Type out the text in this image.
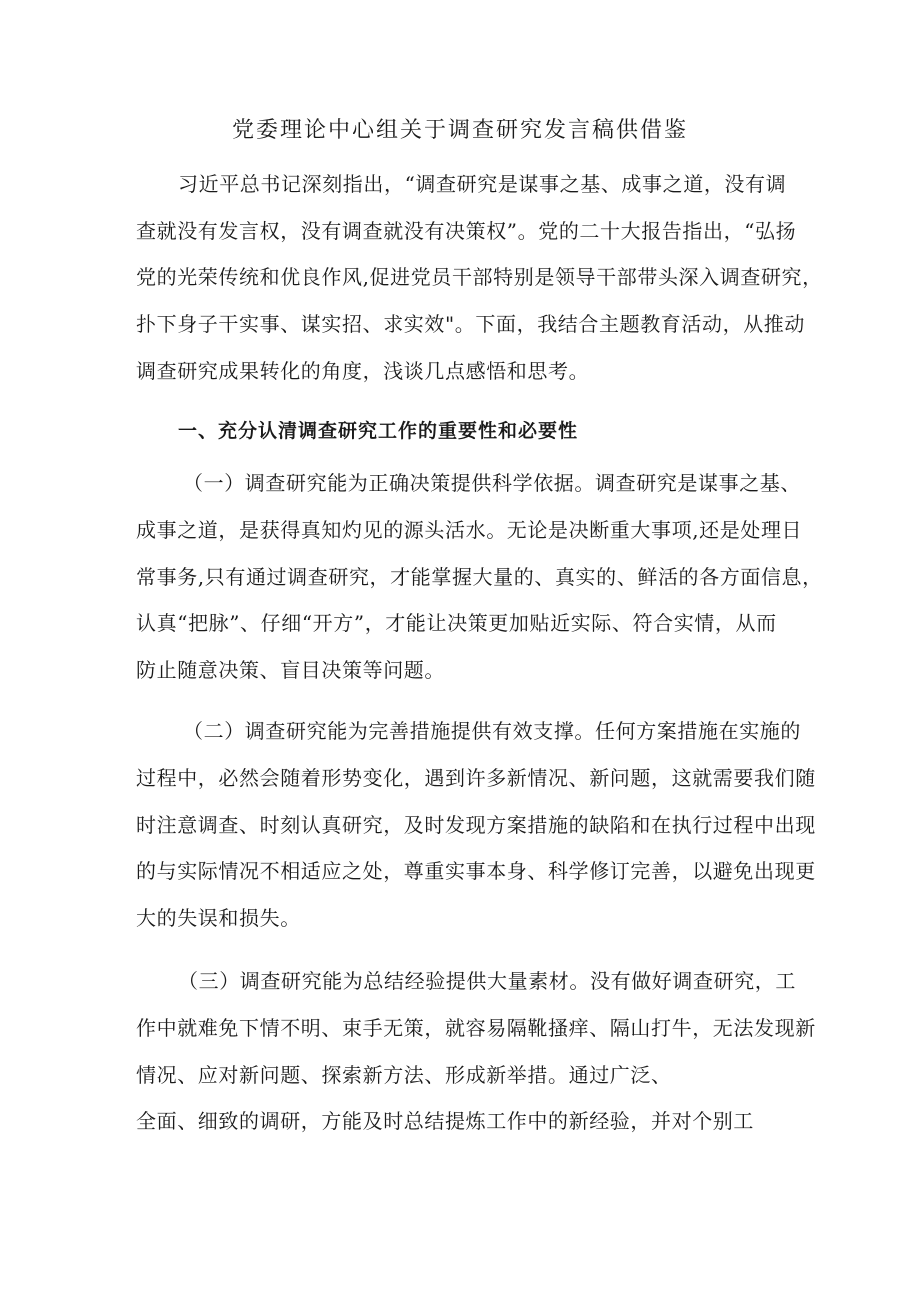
党委理论中心组关于调查研究发言稿供借鉴
习近平总书记深刻指出，“调查研究是谋事之基、成事之道，没有调
查就没有发言权，没有调查就没有决策权”。党的二十大报告指出，“弘扬
党的光荣传统和优良作风,促进党员干部特别是领导干部带头深入调查研究，
扑下身子干实事、谋实招、求实效"。下面，我结合主题教育活动，从推动
调查研究成果转化的角度，浅谈几点感悟和思考。
一、充分认清调查研究工作的重要性和必要性
（一）调查研究能为正确决策提供科学依据。调查研究是谋事之基、
成事之道，是获得真知灼见的源头活水。无论是决断重大事项,还是处理日
常事务,只有通过调查研究，才能掌握大量的、真实的、鲜活的各方面信息，
认真“把脉”、仔细“开方”，才能让决策更加贴近实际、符合实情，从而
防止随意决策、盲目决策等问题。
（二）调查研究能为完善措施提供有效支撑。任何方案措施在实施的
过程中，必然会随着形势变化，遇到许多新情况、新问题，这就需要我们随
时注意调查、时刻认真研究，及时发现方案措施的缺陷和在执行过程中出现
的与实际情况不相适应之处，尊重实事本身、科学修订完善，以避免出现更
大的失误和损失。
（三）调查研究能为总结经验提供大量素材。没有做好调查研究，工
作中就难免下情不明、束手无策，就容易隔靴搔痒、隔山打牛，无法发现新
情况、应对新问题、探索新方法、形成新举措。通过广泛、
全面、细致的调研，方能及时总结提炼工作中的新经验，并对个别工
